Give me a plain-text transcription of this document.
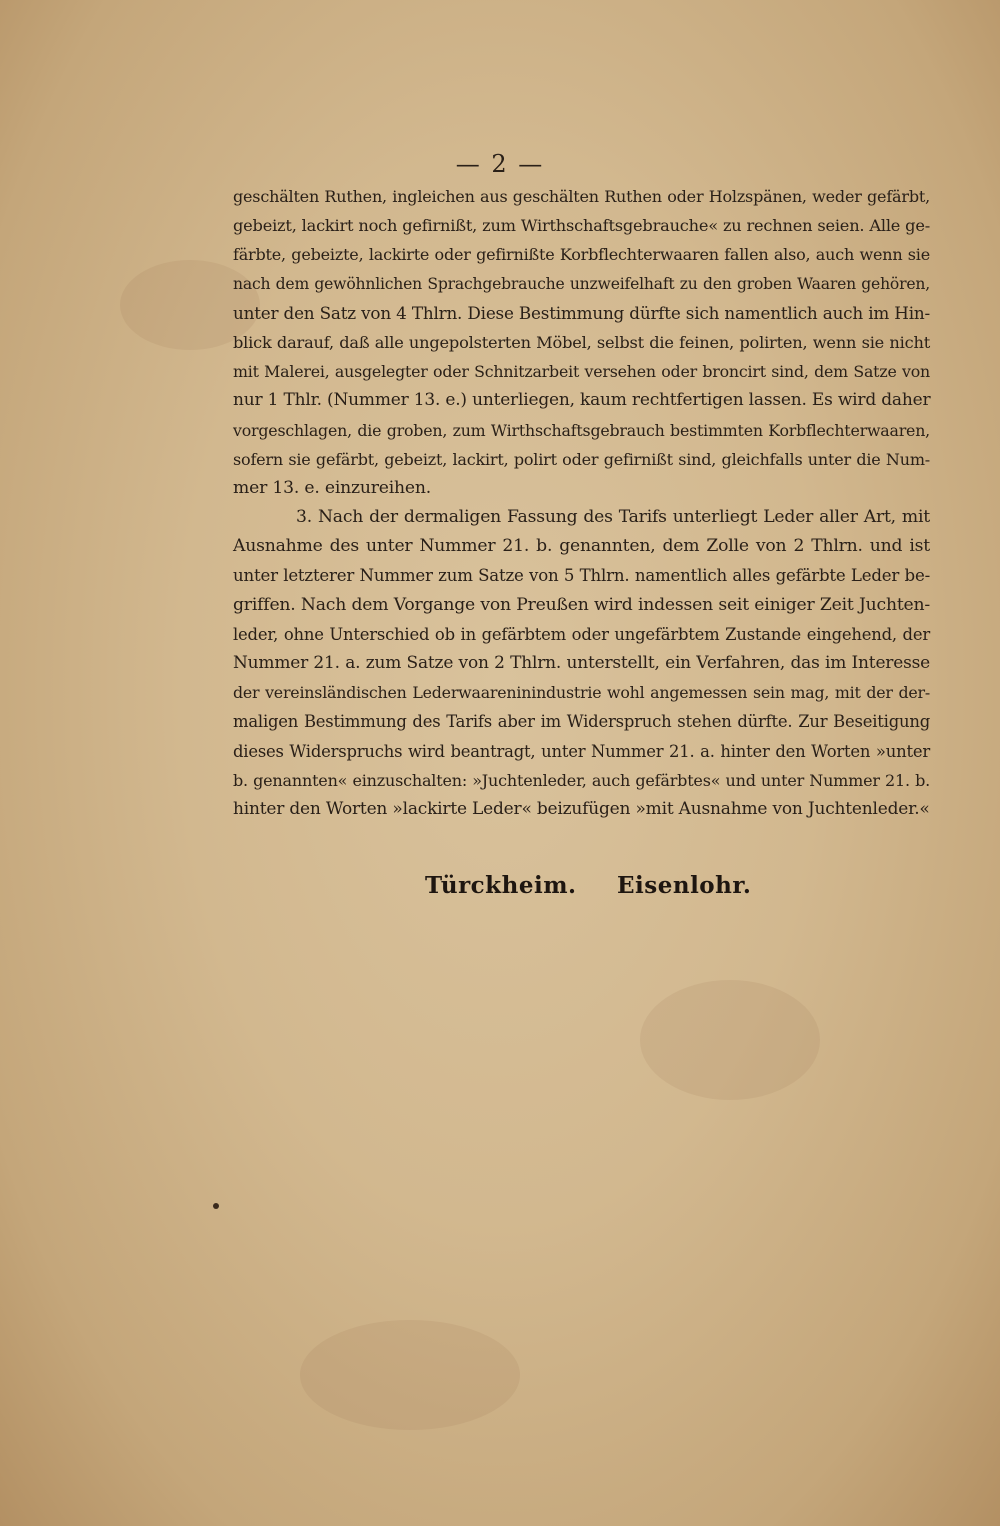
— 2 —
geschälten Ruthen, ingleichen aus geschälten Ruthen oder Holzspänen, weder gefärbt,
gebeizt, lackirt noch gefirnißt, zum Wirthschaftsgebrauche« zu rechnen seien. Alle ge-
färbte, gebeizte, lackirte oder gefirnißte Korbflechterwaaren fallen also, auch wenn sie
nach dem gewöhnlichen Sprachgebrauche unzweifelhaft zu den groben Waaren gehören,
unter den Satz von 4 Thlrn. Diese Bestimmung dürfte sich namentlich auch im Hin-
blick darauf, daß alle ungepolsterten Möbel, selbst die feinen, polirten, wenn sie nicht
mit Malerei, ausgelegter oder Schnitzarbeit versehen oder broncirt sind, dem Satze von
nur 1 Thlr. (Nummer 13. e.) unterliegen, kaum rechtfertigen lassen. Es wird daher
vorgeschlagen, die groben, zum Wirthschaftsgebrauch bestimmten Korbflechterwaaren,
sofern sie gefärbt, gebeizt, lackirt, polirt oder gefirnißt sind, gleichfalls unter die Num-
mer 13. e. einzureihen.
3. Nach der dermaligen Fassung des Tarifs unterliegt Leder aller Art, mit
Ausnahme des unter Nummer 21. b. genannten, dem Zolle von 2 Thlrn. und ist
unter letzterer Nummer zum Satze von 5 Thlrn. namentlich alles gefärbte Leder be-
griffen. Nach dem Vorgange von Preußen wird indessen seit einiger Zeit Juchten-
leder, ohne Unterschied ob in gefärbtem oder ungefärbtem Zustande eingehend, der
Nummer 21. a. zum Satze von 2 Thlrn. unterstellt, ein Verfahren, das im Interesse
der vereinsländischen Lederwaareninindustrie wohl angemessen sein mag, mit der der-
maligen Bestimmung des Tarifs aber im Widerspruch stehen dürfte. Zur Beseitigung
dieses Widerspruchs wird beantragt, unter Nummer 21. a. hinter den Worten »unter
b. genannten« einzuschalten: »Juchtenleder, auch gefärbtes« und unter Nummer 21. b.
hinter den Worten »lackirte Leder« beizufügen »mit Ausnahme von Juchtenleder.«
Türckheim. Eisenlohr.
